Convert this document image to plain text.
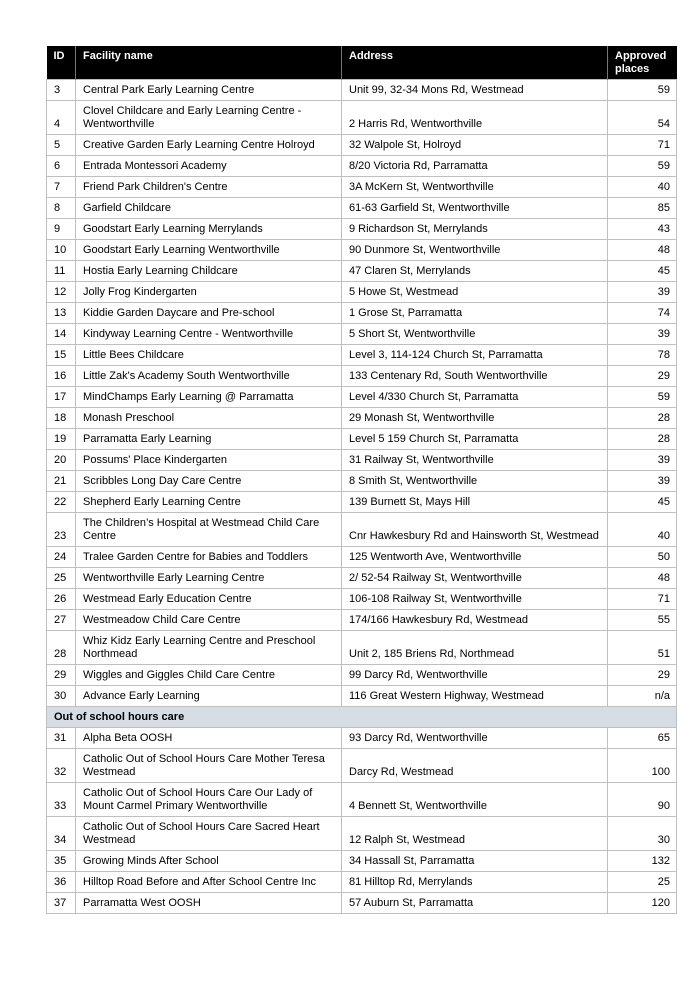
ID	Facility name	Address	Approved places
3	Central Park Early Learning Centre	Unit 99, 32-34 Mons Rd, Westmead	59
4	Clovel Childcare and Early Learning Centre - Wentworthville	2 Harris Rd, Wentworthville	54
5	Creative Garden Early Learning Centre Holroyd	32 Walpole St, Holroyd	71
6	Entrada Montessori Academy	8/20 Victoria Rd, Parramatta	59
7	Friend Park Children's Centre	3A McKern St, Wentworthville	40
8	Garfield Childcare	61-63 Garfield St, Wentworthville	85
9	Goodstart Early Learning Merrylands	9 Richardson St, Merrylands	43
10	Goodstart Early Learning Wentworthville	90 Dunmore St, Wentworthville	48
11	Hostia Early Learning Childcare	47 Claren St, Merrylands	45
12	Jolly Frog Kindergarten	5 Howe St, Westmead	39
13	Kiddie Garden Daycare and Pre-school	1 Grose St, Parramatta	74
14	Kindyway Learning Centre - Wentworthville	5 Short St, Wentworthville	39
15	Little Bees Childcare	Level 3, 114-124 Church St, Parramatta	78
16	Little Zak's Academy South Wentworthville	133 Centenary Rd, South Wentworthville	29
17	MindChamps Early Learning @ Parramatta	Level 4/330 Church St, Parramatta	59
18	Monash Preschool	29 Monash St, Wentworthville	28
19	Parramatta Early Learning	Level 5 159 Church St, Parramatta	28
20	Possums' Place Kindergarten	31 Railway St, Wentworthville	39
21	Scribbles Long Day Care Centre	8 Smith St, Wentworthville	39
22	Shepherd Early Learning Centre	139 Burnett St, Mays Hill	45
23	The Children’s Hospital at Westmead Child Care Centre	Cnr Hawkesbury Rd and Hainsworth St, Westmead	40
24	Tralee Garden Centre for Babies and Toddlers	125 Wentworth Ave, Wentworthville	50
25	Wentworthville Early Learning Centre	2/ 52-54 Railway St, Wentworthville	48
26	Westmead Early Education Centre	106-108 Railway St, Wentworthville	71
27	Westmeadow Child Care Centre	174/166 Hawkesbury Rd, Westmead	55
28	Whiz Kidz Early Learning Centre and Preschool Northmead	Unit 2, 185 Briens Rd, Northmead	51
29	Wiggles and Giggles Child Care Centre	99 Darcy Rd, Wentworthville	29
30	Advance Early Learning	116 Great Western Highway, Westmead	n/a
Out of school hours care			
31	Alpha Beta OOSH	93 Darcy Rd, Wentworthville	65
32	Catholic Out of School Hours Care Mother Teresa Westmead	Darcy Rd, Westmead	100
33	Catholic Out of School Hours Care Our Lady of Mount Carmel Primary Wentworthville	4 Bennett St, Wentworthville	90
34	Catholic Out of School Hours Care Sacred Heart Westmead	12 Ralph St, Westmead	30
35	Growing Minds After School	34 Hassall St, Parramatta	132
36	Hilltop Road Before and After School Centre Inc	81 Hilltop Rd, Merrylands	25
37	Parramatta West OOSH	57 Auburn St, Parramatta	120
